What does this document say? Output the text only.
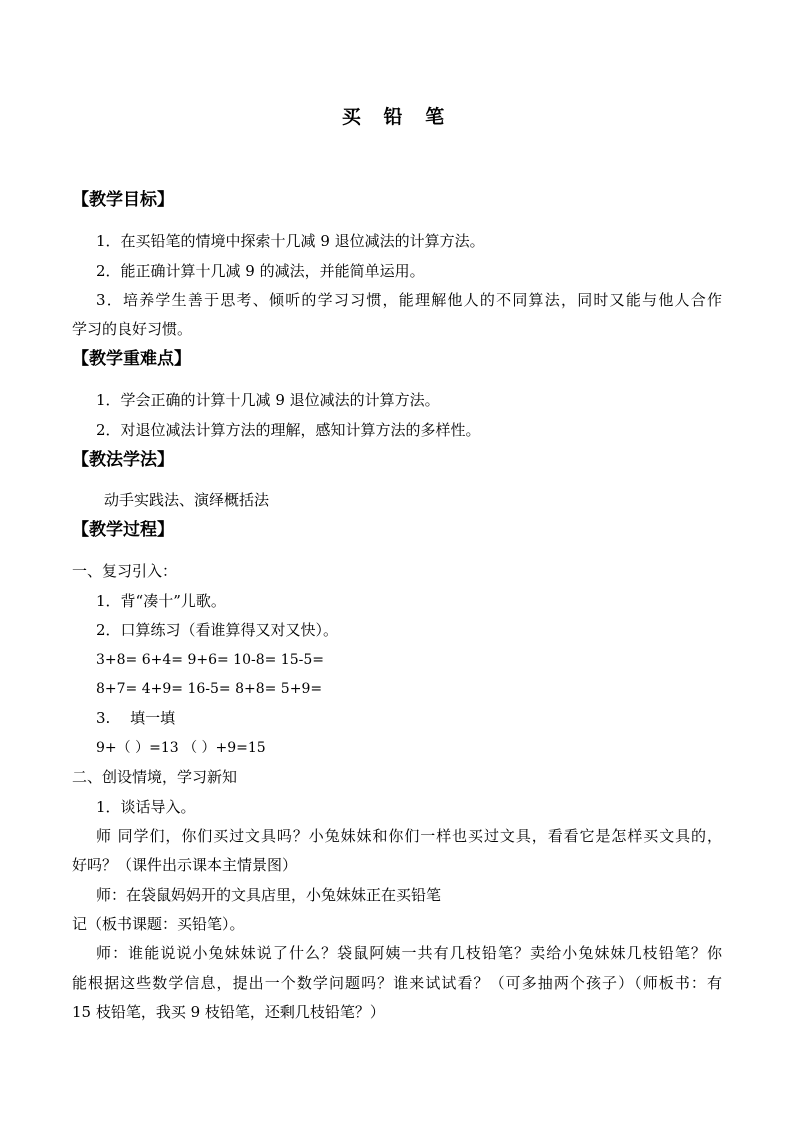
买 铅 笔
【教学目标】
1．在买铅笔的情境中探索十几减 9 退位减法的计算方法。
2．能正确计算十几减 9 的减法，并能简单运用。
3．培养学生善于思考、倾听的学习习惯，能理解他人的不同算法，同时又能与他人合作
学习的良好习惯。
【教学重难点】
1．学会正确的计算十几减 9 退位减法的计算方法。
2．对退位减法计算方法的理解，感知计算方法的多样性。
【教法学法】
动手实践法、演绎概括法
【教学过程】
一、复习引入：
1．背“凑十”儿歌。
2．口算练习（看谁算得又对又快）。
3+8= 6+4= 9+6= 10-8= 15-5=
8+7= 4+9= 16-5= 8+8= 5+9=
3.　 填一填
9+（ ）=13 （ ）+9=15
二、创设情境，学习新知
1．谈话导入。
师 同学们，你们买过文具吗？小兔妹妹和你们一样也买过文具，看看它是怎样买文具的，
好吗？（课件出示课本主情景图）
师：在袋鼠妈妈开的文具店里，小兔妹妹正在买铅笔
记（板书课题：买铅笔）。
师：谁能说说小兔妹妹说了什么？袋鼠阿姨一共有几枝铅笔？卖给小兔妹妹几枝铅笔？你
能根据这些数学信息，提出一个数学问题吗？谁来试试看？（可多抽两个孩子）（师板书：有
15 枝铅笔，我买 9 枝铅笔，还剩几枝铅笔？）
